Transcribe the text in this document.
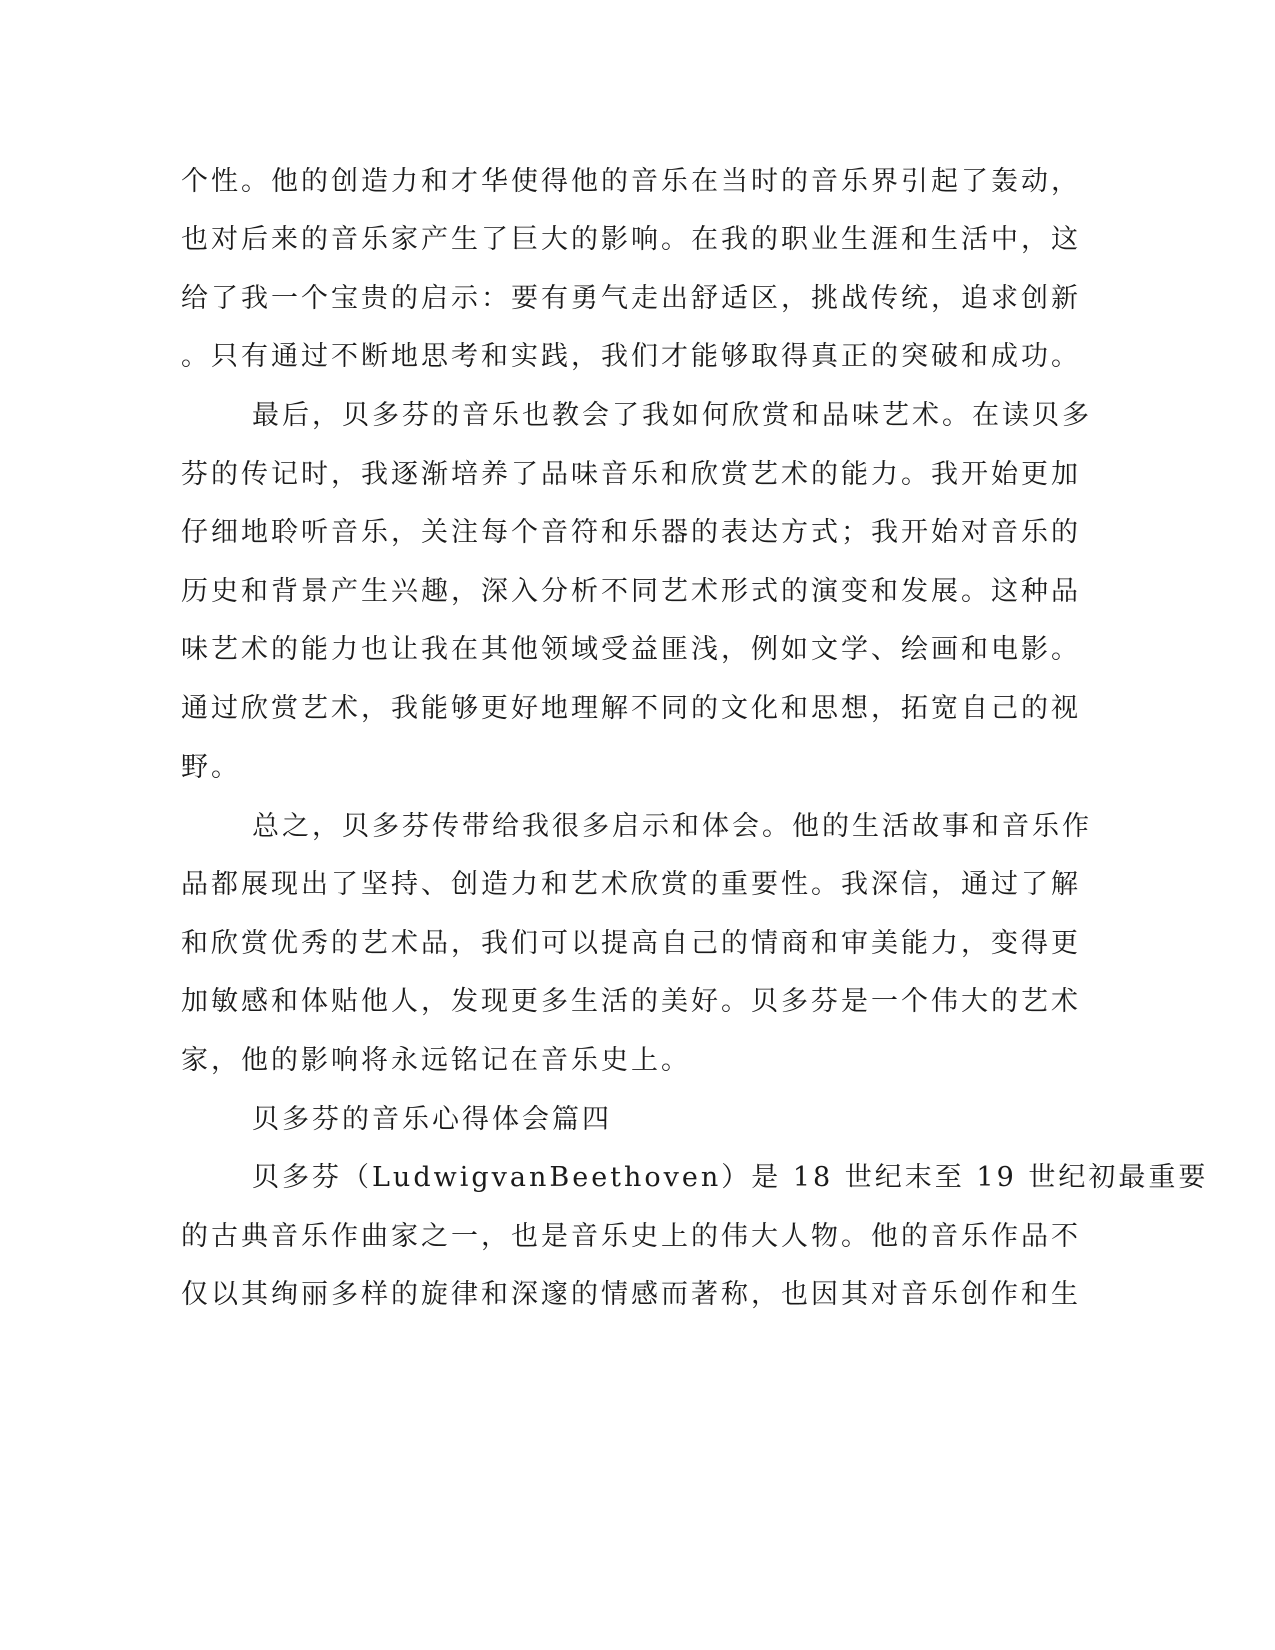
个性。他的创造力和才华使得他的音乐在当时的音乐界引起了轰动，
也对后来的音乐家产生了巨大的影响。在我的职业生涯和生活中，这
给了我一个宝贵的启示：要有勇气走出舒适区，挑战传统，追求创新
。只有通过不断地思考和实践，我们才能够取得真正的突破和成功。
最后，贝多芬的音乐也教会了我如何欣赏和品味艺术。在读贝多
芬的传记时，我逐渐培养了品味音乐和欣赏艺术的能力。我开始更加
仔细地聆听音乐，关注每个音符和乐器的表达方式；我开始对音乐的
历史和背景产生兴趣，深入分析不同艺术形式的演变和发展。这种品
味艺术的能力也让我在其他领域受益匪浅，例如文学、绘画和电影。
通过欣赏艺术，我能够更好地理解不同的文化和思想，拓宽自己的视
野。
总之，贝多芬传带给我很多启示和体会。他的生活故事和音乐作
品都展现出了坚持、创造力和艺术欣赏的重要性。我深信，通过了解
和欣赏优秀的艺术品，我们可以提高自己的情商和审美能力，变得更
加敏感和体贴他人，发现更多生活的美好。贝多芬是一个伟大的艺术
家，他的影响将永远铭记在音乐史上。
贝多芬的音乐心得体会篇四
贝多芬（LudwigvanBeethoven）是 18 世纪末至 19 世纪初最重要
的古典音乐作曲家之一，也是音乐史上的伟大人物。他的音乐作品不
仅以其绚丽多样的旋律和深邃的情感而著称，也因其对音乐创作和生
